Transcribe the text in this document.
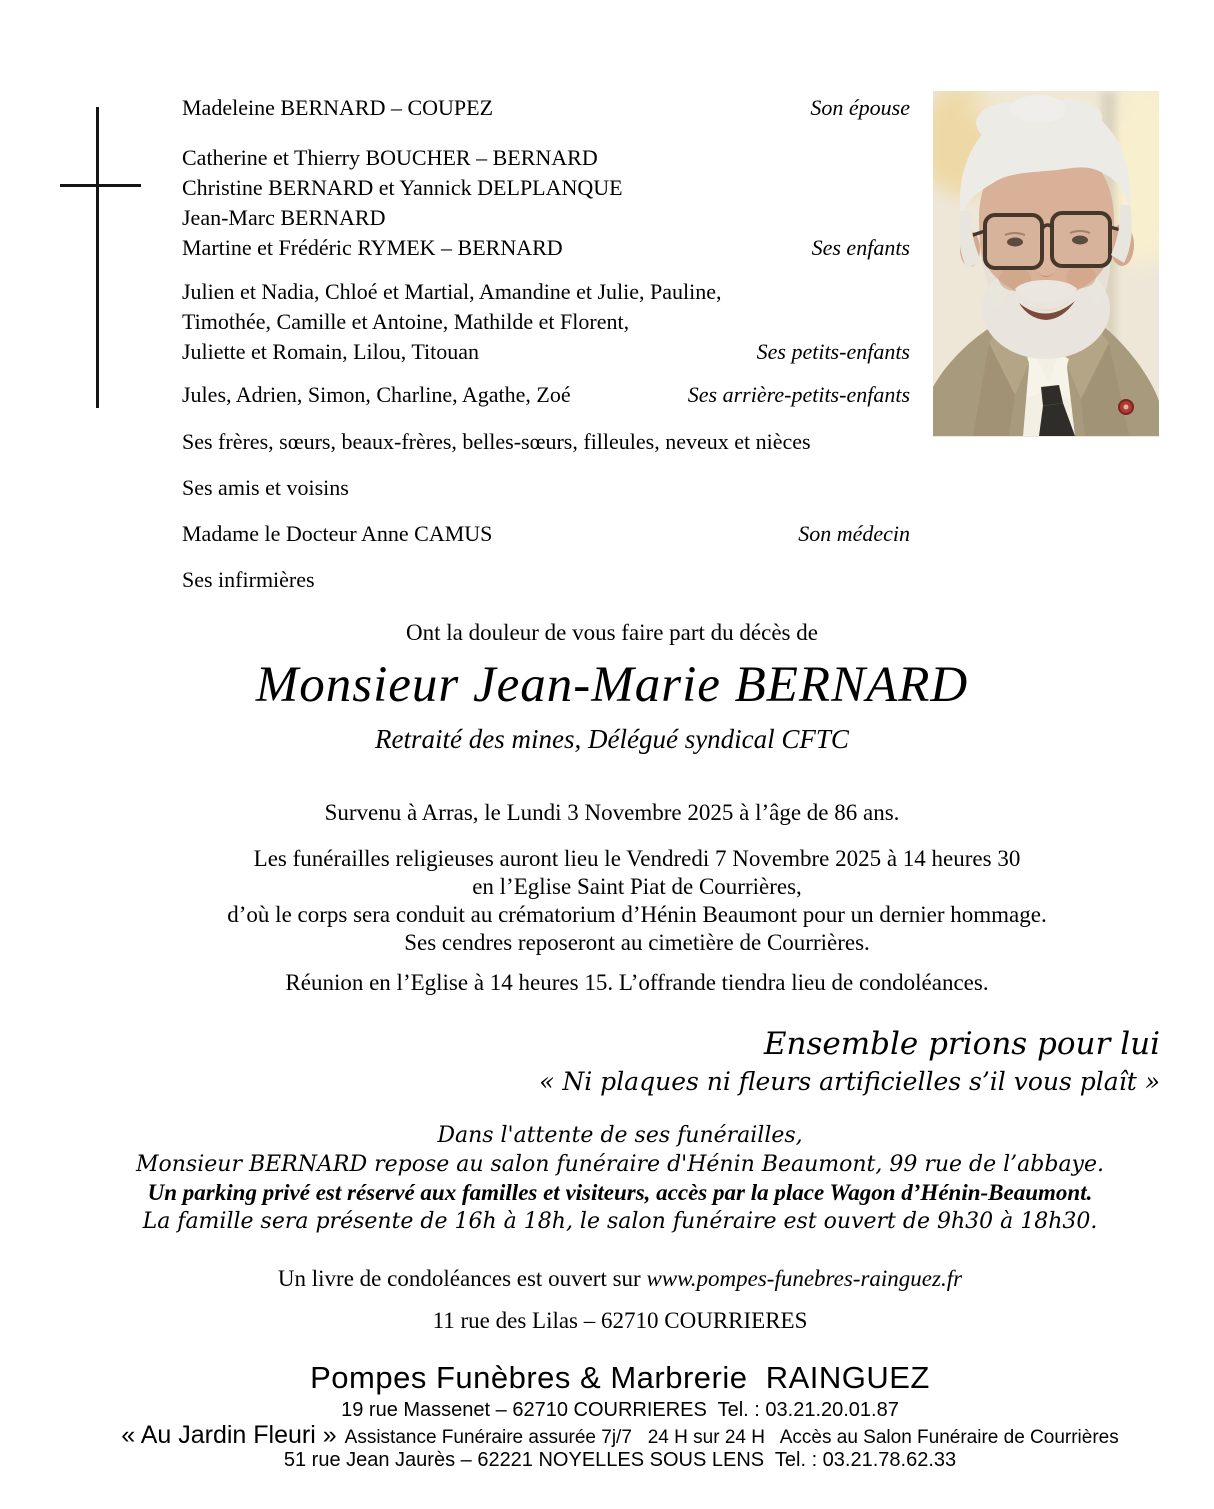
Madeleine BERNARD – COUPEZ	Son épouse
Catherine et Thierry BOUCHER – BERNARD
Christine BERNARD et Yannick DELPLANQUE
Jean-Marc BERNARD
Martine et Frédéric RYMEK – BERNARD	Ses enfants
Julien et Nadia, Chloé et Martial, Amandine et Julie, Pauline,
Timothée, Camille et Antoine, Mathilde et Florent,
Juliette et Romain, Lilou, Titouan	Ses petits-enfants
Jules, Adrien, Simon, Charline, Agathe, Zoé	Ses arrière-petits-enfants
Ses frères, sœurs, beaux-frères, belles-sœurs, filleules, neveux et nièces
Ses amis et voisins
Madame le Docteur Anne CAMUS	Son médecin
Ses infirmières
Ont la douleur de vous faire part du décès de
Monsieur Jean-Marie BERNARD
Retraité des mines, Délégué syndical CFTC
Survenu à Arras, le Lundi 3 Novembre 2025 à l’âge de 86 ans.
Les funérailles religieuses auront lieu le Vendredi 7 Novembre 2025 à 14 heures 30
en l’Eglise Saint Piat de Courrières,
d’où le corps sera conduit au crématorium d’Hénin Beaumont pour un dernier hommage.
Ses cendres reposeront au cimetière de Courrières.
Réunion en l’Eglise à 14 heures 15. L’offrande tiendra lieu de condoléances.
Ensemble prions pour lui
« Ni plaques ni fleurs artificielles s’il vous plaît »
Dans l'attente de ses funérailles,
Monsieur BERNARD repose au salon funéraire d'Hénin Beaumont, 99 rue de l’abbaye.
Un parking privé est réservé aux familles et visiteurs, accès par la place Wagon d’Hénin-Beaumont.
La famille sera présente de 16h à 18h, le salon funéraire est ouvert de 9h30 à 18h30.
Un livre de condoléances est ouvert sur www.pompes-funebres-rainguez.fr
11 rue des Lilas – 62710 COURRIERES
Pompes Funèbres & Marbrerie  RAINGUEZ
19 rue Massenet – 62710 COURRIERES  Tel. : 03.21.20.01.87
« Au Jardin Fleuri » Assistance Funéraire assurée 7j/7   24 H sur 24 H   Accès au Salon Funéraire de Courrières
51 rue Jean Jaurès – 62221 NOYELLES SOUS LENS  Tel. : 03.21.78.62.33
